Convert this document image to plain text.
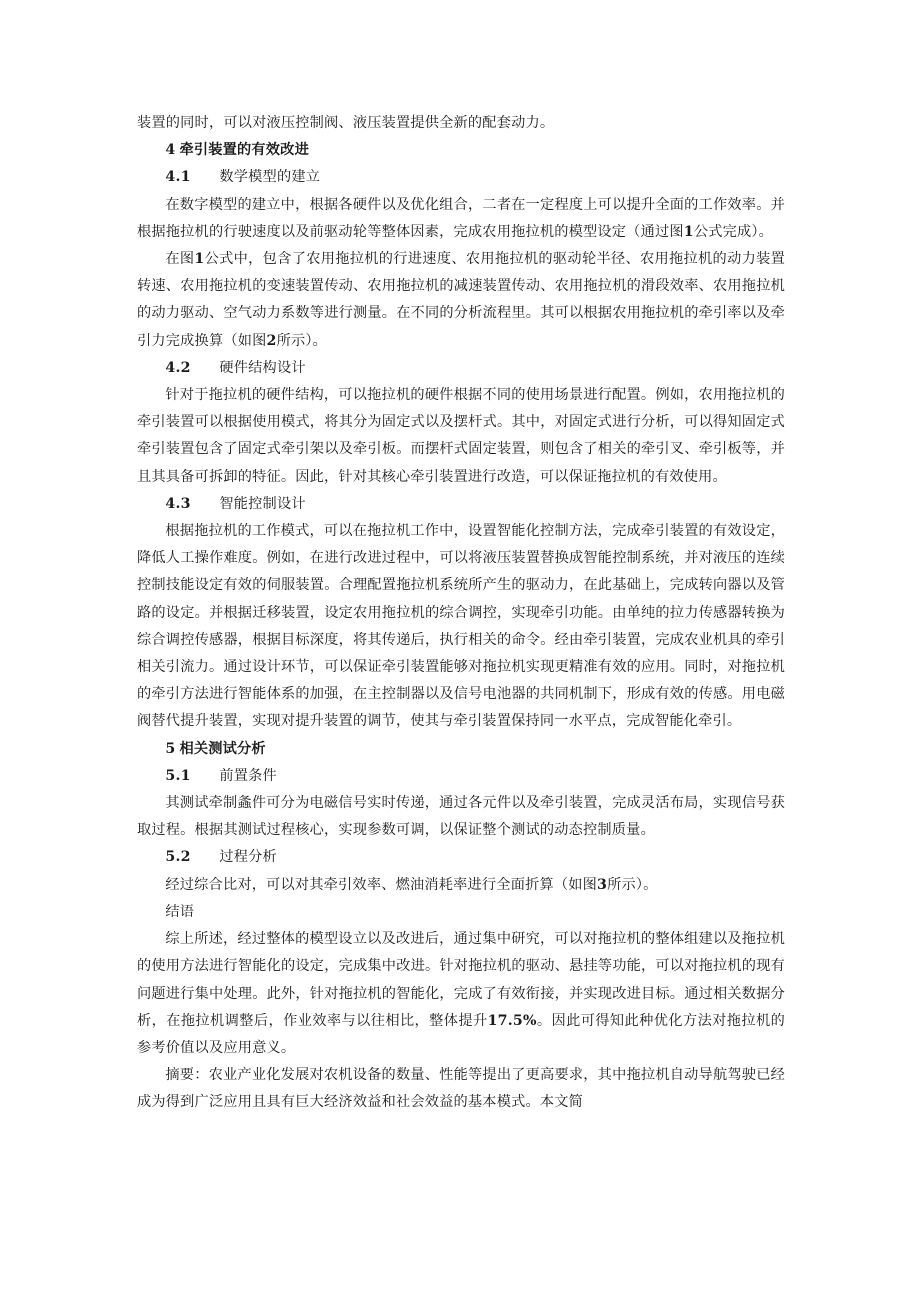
装置的同时，可以对液压控制阀、液压装置提供全新的配套动力。

4 牵引装置的有效改进
4.1 数学模型的建立

在数字模型的建立中，根据各硬件以及优化组合，二者在一定程度上可以提升全面的工作效率。并根据拖拉机的行驶速度以及前驱动轮等整体因素，完成农用拖拉机的模型设定（通过图1公式完成）。

在图1公式中，包含了农用拖拉机的行进速度、农用拖拉机的驱动轮半径、农用拖拉机的动力装置转速、农用拖拉机的变速装置传动、农用拖拉机的减速装置传动、农用拖拉机的滑段效率、农用拖拉机的动力驱动、空气动力系数等进行测量。在不同的分析流程里。其可以根据农用拖拉机的牵引率以及牵引力完成换算（如图2所示）。

4.2 硬件结构设计

针对于拖拉机的硬件结构，可以拖拉机的硬件根据不同的使用场景进行配置。例如，农用拖拉机的牵引装置可以根据使用模式，将其分为固定式以及摆杆式。其中，对固定式进行分析，可以得知固定式牵引装置包含了固定式牵引架以及牵引板。而摆杆式固定装置，则包含了相关的牵引叉、牵引板等，并且其具备可拆卸的特征。因此，针对其核心牵引装置进行改造，可以保证拖拉机的有效使用。

4.3 智能控制设计

根据拖拉机的工作模式，可以在拖拉机工作中，设置智能化控制方法，完成牵引装置的有效设定，降低人工操作难度。例如，在进行改进过程中，可以将液压装置替换成智能控制系统，并对液压的连续控制技能设定有效的伺服装置。合理配置拖拉机系统所产生的驱动力，在此基础上，完成转向器以及管路的设定。并根据迁移装置，设定农用拖拉机的综合调控，实现牵引功能。由单纯的拉力传感器转换为综合调控传感器，根据目标深度，将其传递后，执行相关的命令。经由牵引装置，完成农业机具的牵引相关引流力。通过设计环节，可以保证牵引装置能够对拖拉机实现更精准有效的应用。同时，对拖拉机的牵引方法进行智能体系的加强，在主控制器以及信号电池器的共同机制下，形成有效的传感。用电磁阀替代提升装置，实现对提升装置的调节，使其与牵引装置保持同一水平点，完成智能化牵引。

5 相关测试分析
5.1 前置条件

其测试牵制螽件可分为电磁信号实时传递，通过各元件以及牵引装置，完成灵活布局，实现信号获取过程。根据其测试过程核心，实现参数可调，以保证整个测试的动态控制质量。

5.2 过程分析

经过综合比对，可以对其牵引效率、燃油消耗率进行全面折算（如图3所示）。

结语

综上所述，经过整体的模型设立以及改进后，通过集中研究，可以对拖拉机的整体组建以及拖拉机的使用方法进行智能化的设定，完成集中改进。针对拖拉机的驱动、悬挂等功能，可以对拖拉机的现有问题进行集中处理。此外，针对拖拉机的智能化，完成了有效衔接，并实现改进目标。通过相关数据分析，在拖拉机调整后，作业效率与以往相比，整体提升17.5%。因此可得知此种优化方法对拖拉机的参考价值以及应用意义。

摘要：农业产业化发展对农机设备的数量、性能等提出了更高要求，其中拖拉机自动导航驾驶已经成为得到广泛应用且具有巨大经济效益和社会效益的基本模式。本文简
